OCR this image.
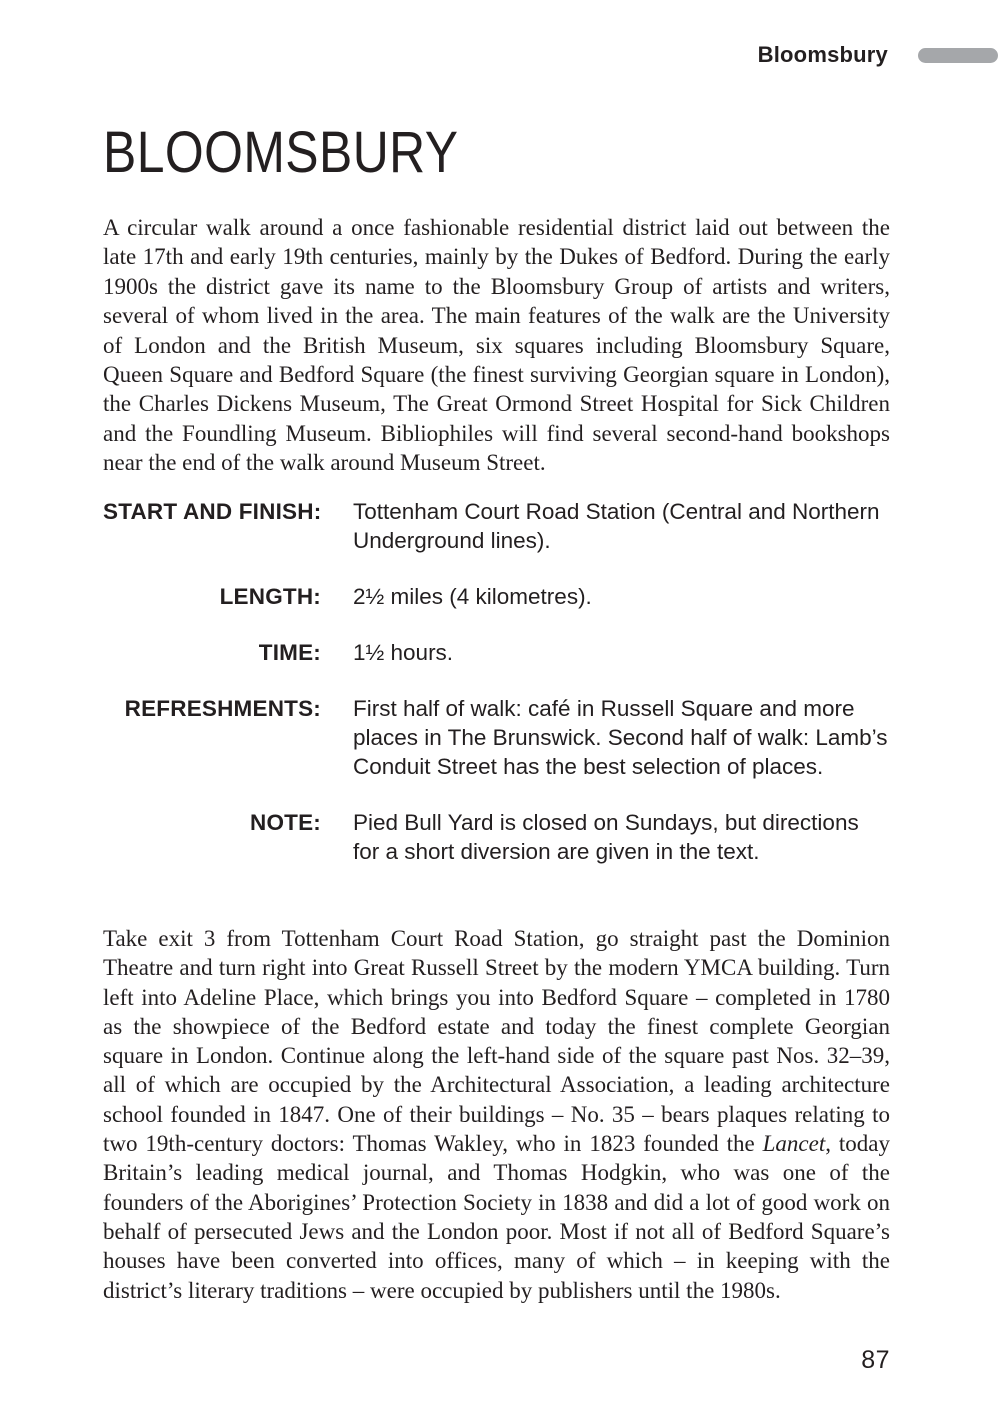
Bloomsbury
BLOOMSBURY

A circular walk around a once fashionable residential district laid out between the late 17th and early 19th centuries, mainly by the Dukes of Bedford. During the early 1900s the district gave its name to the Bloomsbury Group of artists and writers, several of whom lived in the area. The main features of the walk are the University of London and the British Museum, six squares including Bloomsbury Square, Queen Square and Bedford Square (the finest surviving Georgian square in London), the Charles Dickens Museum, The Great Ormond Street Hospital for Sick Children and the Foundling Museum. Bibliophiles will find several second-hand bookshops near the end of the walk around Museum Street.

START AND FINISH: Tottenham Court Road Station (Central and Northern Underground lines).
LENGTH: 2½ miles (4 kilometres).
TIME: 1½ hours.
REFRESHMENTS: First half of walk: café in Russell Square and more places in The Brunswick. Second half of walk: Lamb’s Conduit Street has the best selection of places.
NOTE: Pied Bull Yard is closed on Sundays, but directions for a short diversion are given in the text.

Take exit 3 from Tottenham Court Road Station, go straight past the Dominion Theatre and turn right into Great Russell Street by the modern YMCA building. Turn left into Adeline Place, which brings you into Bedford Square – completed in 1780 as the showpiece of the Bedford estate and today the finest complete Georgian square in London. Continue along the left-hand side of the square past Nos. 32–39, all of which are occupied by the Architectural Association, a leading architecture school founded in 1847. One of their buildings – No. 35 – bears plaques relating to two 19th-century doctors: Thomas Wakley, who in 1823 founded the Lancet, today Britain’s leading medical journal, and Thomas Hodgkin, who was one of the founders of the Aborigines’ Protection Society in 1838 and did a lot of good work on behalf of persecuted Jews and the London poor. Most if not all of Bedford Square’s houses have been converted into offices, many of which – in keeping with the district’s literary traditions – were occupied by publishers until the 1980s.

87
